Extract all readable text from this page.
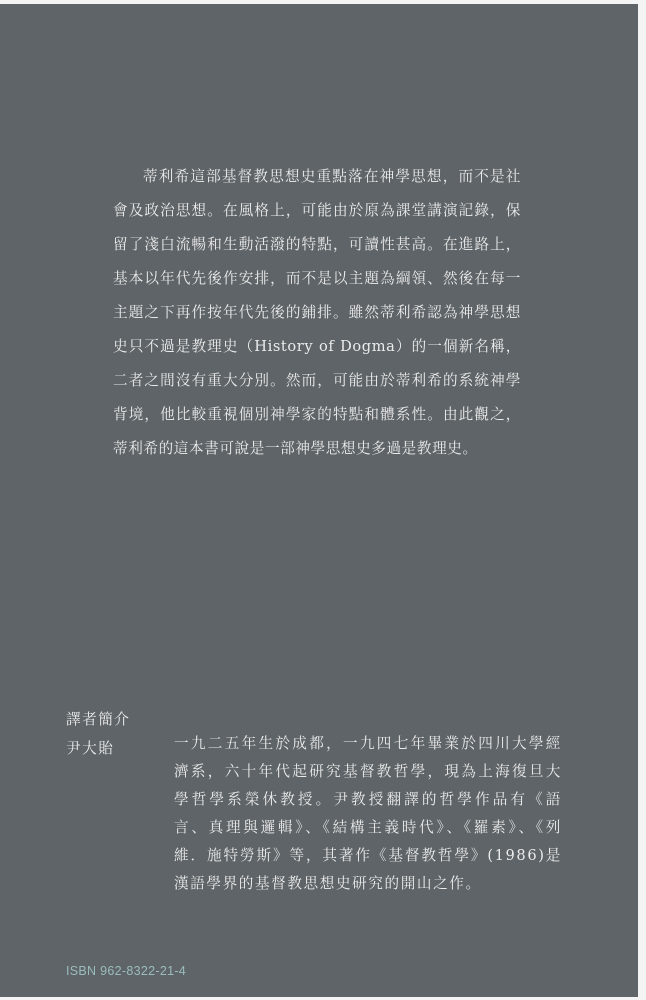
蒂利希這部基督教思想史重點落在神學思想，而不是社會及政治思想。在風格上，可能由於原為課堂講演記錄，保留了淺白流暢和生動活潑的特點，可讀性甚高。在進路上，基本以年代先後作安排，而不是以主題為綱領、然後在每一主題之下再作按年代先後的鋪排。雖然蒂利希認為神學思想史只不過是教理史（History of Dogma）的一個新名稱，二者之間沒有重大分別。然而，可能由於蒂利希的系統神學背境，他比較重視個別神學家的特點和體系性。由此觀之，蒂利希的這本書可說是一部神學思想史多過是教理史。

譯者簡介
尹大貽	一九二五年生於成都，一九四七年畢業於四川大學經濟系，六十年代起研究基督教哲學，現為上海復旦大學哲學系榮休教授。尹教授翻譯的哲學作品有《語言、真理與邏輯》、《結構主義時代》、《羅素》、《列維．施特勞斯》等，其著作《基督教哲學》(1986)是漢語學界的基督教思想史研究的開山之作。

ISBN 962-8322-21-4
